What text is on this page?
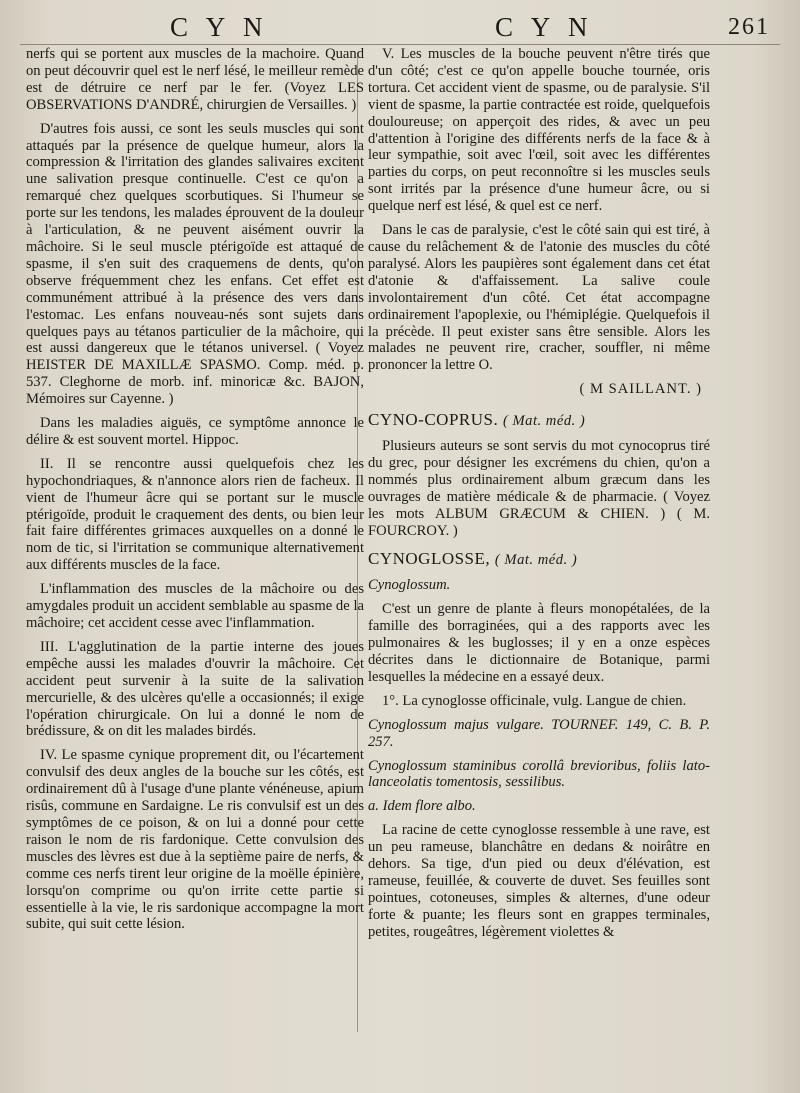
C Y N	C Y N	261

nerfs qui se portent aux muscles de la machoire. Quand on peut découvrir quel est le nerf lésé, le meilleur remède est de détruire ce nerf par le fer. (Voyez LES OBSERVATIONS D'ANDRÉ, chirurgien de Versailles. )

D'autres fois aussi, ce sont les seuls muscles qui sont attaqués par la présence de quelque humeur, alors la compression & l'irritation des glandes salivaires excitent une salivation presque continuelle. C'est ce qu'on a remarqué chez quelques scorbutiques. Si l'humeur se porte sur les tendons, les malades éprouvent de la douleur à l'articulation, & ne peuvent aisément ouvrir la mâchoire. Si le seul muscle ptérigoïde est attaqué de spasme, il s'en suit des craquemens de dents, qu'on observe fréquemment chez les enfans. Cet effet est communément attribué à la présence des vers dans l'estomac. Les enfans nouveau-nés sont sujets dans quelques pays au tétanos particulier de la mâchoire, qui est aussi dangereux que le tétanos universel. ( Voyez HEISTER DE MAXILLÆ SPASMO. Comp. méd. p. 537. Cleghorne de morb. inf. minoricæ &c. BAJON, Mémoires sur Cayenne. )

Dans les maladies aiguës, ce symptôme annonce le délire & est souvent mortel. Hippoc.

II. Il se rencontre aussi quelquefois chez les hypochondriaques, & n'annonce alors rien de facheux. Il vient de l'humeur âcre qui se portant sur le muscle ptérigoïde, produit le craquement des dents, ou bien leur fait faire différentes grimaces auxquelles on a donné le nom de tic, si l'irritation se communique alternativement aux différents muscles de la face.

L'inflammation des muscles de la mâchoire ou des amygdales produit un accident semblable au spasme de la mâchoire; cet accident cesse avec l'inflammation.

III. L'agglutination de la partie interne des joues empêche aussi les malades d'ouvrir la mâchoire. Cet accident peut survenir à la suite de la salivation mercurielle, & des ulcères qu'elle a occasionnés; il exige l'opération chirurgicale. On lui a donné le nom de brédissure, & on dit les malades birdés.

IV. Le spasme cynique proprement dit, ou l'écartement convulsif des deux angles de la bouche sur les côtés, est ordinairement dû à l'usage d'une plante vénéneuse, apium risûs, commune en Sardaigne. Le ris convulsif est un des symptômes de ce poison, & on lui a donné pour cette raison le nom de ris fardonique. Cette convulsion des muscles des lèvres est due à la septième paire de nerfs, & comme ces nerfs tirent leur origine de la moëlle épinière, lorsqu'on comprime ou qu'on irrite cette partie si essentielle à la vie, le ris sardonique accompagne la mort subite, qui suit cette lésion.

V. Les muscles de la bouche peuvent n'être tirés que d'un côté; c'est ce qu'on appelle bouche tournée, oris tortura. Cet accident vient de spasme, ou de paralysie. S'il vient de spasme, la partie contractée est roide, quelquefois douloureuse; on apperçoit des rides, & avec un peu d'attention à l'origine des différents nerfs de la face & à leur sympathie, soit avec l'œil, soit avec les différentes parties du corps, on peut reconnoître si les muscles seuls sont irrités par la présence d'une humeur âcre, ou si quelque nerf est lésé, & quel est ce nerf.

Dans le cas de paralysie, c'est le côté sain qui est tiré, à cause du relâchement & de l'atonie des muscles du côté paralysé. Alors les paupières sont également dans cet état d'atonie & d'affaissement. La salive coule involontairement d'un côté. Cet état accompagne ordinairement l'apoplexie, ou l'hémiplégie. Quelquefois il la précède. Il peut exister sans être sensible. Alors les malades ne peuvent rire, cracher, souffler, ni même prononcer la lettre O.

( M SAILLANT. )
CYNO-COPRUS. ( Mat. méd. )

Plusieurs auteurs se sont servis du mot cynocoprus tiré du grec, pour désigner les excrémens du chien, qu'on a nommés plus ordinairement album græcum dans les ouvrages de matière médicale & de pharmacie. ( Voyez les mots ALBUM GRÆCUM & CHIEN. ) ( M. FOURCROY. )

CYNOGLOSSE, ( Mat. méd. )

Cynoglossum.

C'est un genre de plante à fleurs monopétalées, de la famille des borraginées, qui a des rapports avec les pulmonaires & les buglosses; il y en a onze espèces décrites dans le dictionnaire de Botanique, parmi lesquelles la médecine en a essayé deux.

1°. La cynoglosse officinale, vulg. Langue de chien.

Cynoglossum majus vulgare. TOURNEF. 149, C. B. P. 257.

Cynoglossum staminibus corollâ brevioribus, foliis lato-lanceolatis tomentosis, sessilibus.

a. Idem flore albo.

La racine de cette cynoglosse ressemble à une rave, est un peu rameuse, blanchâtre en dedans & noirâtre en dehors. Sa tige, d'un pied ou deux d'élévation, est rameuse, feuillée, & couverte de duvet. Ses feuilles sont pointues, cotoneuses, simples & alternes, d'une odeur forte & puante; les fleurs sont en grappes terminales, petites, rougeâtres, légèrement violettes &
